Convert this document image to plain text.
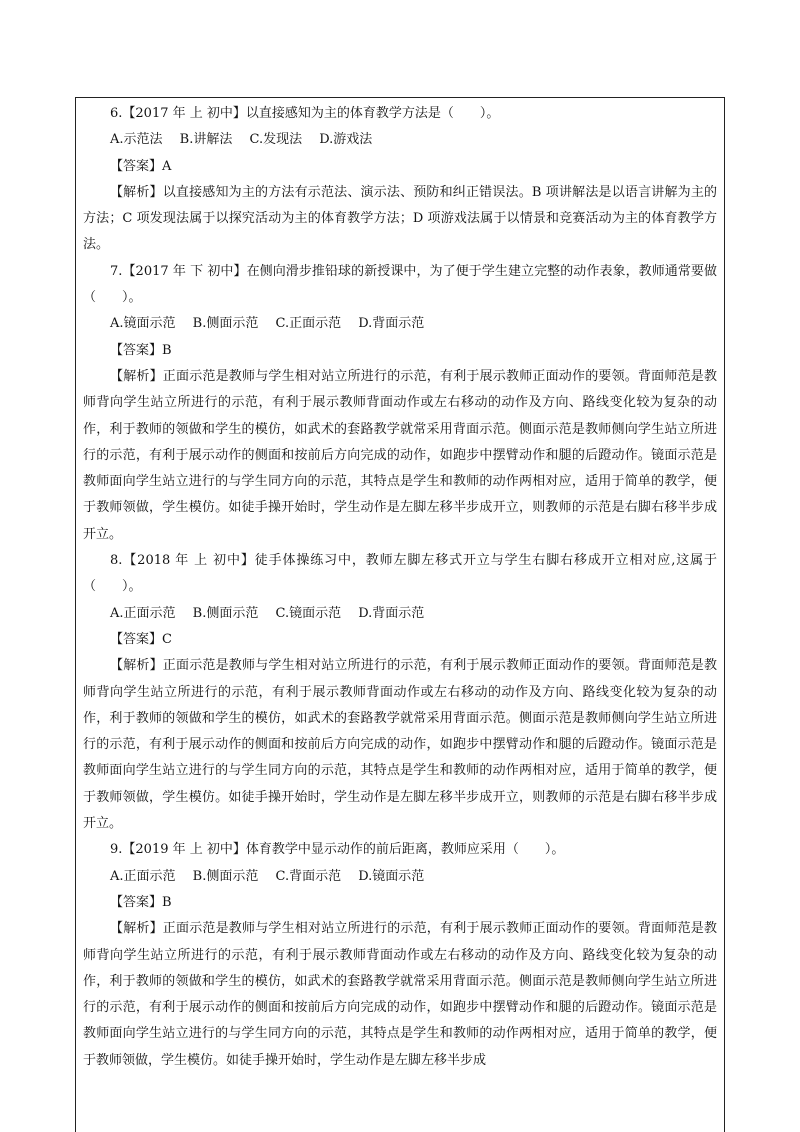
6.【2017 年 上 初中】以直接感知为主的体育教学方法是（　　）。

A.示范法　 B.讲解法　 C.发现法　 D.游戏法

【答案】A

【解析】以直接感知为主的方法有示范法、演示法、预防和纠正错误法。B 项讲解法是以语言讲解为主的方法；C 项发现法属于以探究活动为主的体育教学方法；D 项游戏法属于以情景和竞赛活动为主的体育教学方法。

7.【2017 年 下 初中】在侧向滑步推铅球的新授课中，为了便于学生建立完整的动作表象，教师通常要做（　　）。

A.镜面示范　 B.侧面示范　 C.正面示范　 D.背面示范

【答案】B

【解析】正面示范是教师与学生相对站立所进行的示范，有利于展示教师正面动作的要领。背面师范是教师背向学生站立所进行的示范，有利于展示教师背面动作或左右移动的动作及方向、路线变化较为复杂的动作，利于教师的领做和学生的模仿，如武术的套路教学就常采用背面示范。侧面示范是教师侧向学生站立所进行的示范，有利于展示动作的侧面和按前后方向完成的动作，如跑步中摆臂动作和腿的后蹬动作。镜面示范是教师面向学生站立进行的与学生同方向的示范，其特点是学生和教师的动作两相对应，适用于简单的教学，便于教师领做，学生模仿。如徒手操开始时，学生动作是左脚左移半步成开立，则教师的示范是右脚右移半步成开立。

8.【2018 年 上 初中】徒手体操练习中，教师左脚左移式开立与学生右脚右移成开立相对应,这属于（　　）。

A.正面示范　 B.侧面示范　 C.镜面示范　 D.背面示范

【答案】C

【解析】正面示范是教师与学生相对站立所进行的示范，有利于展示教师正面动作的要领。背面师范是教师背向学生站立所进行的示范，有利于展示教师背面动作或左右移动的动作及方向、路线变化较为复杂的动作，利于教师的领做和学生的模仿，如武术的套路教学就常采用背面示范。侧面示范是教师侧向学生站立所进行的示范，有利于展示动作的侧面和按前后方向完成的动作，如跑步中摆臂动作和腿的后蹬动作。镜面示范是教师面向学生站立进行的与学生同方向的示范，其特点是学生和教师的动作两相对应，适用于简单的教学，便于教师领做，学生模仿。如徒手操开始时，学生动作是左脚左移半步成开立，则教师的示范是右脚右移半步成开立。

9.【2019 年 上 初中】体育教学中显示动作的前后距离，教师应采用（　　）。

A.正面示范　 B.侧面示范　 C.背面示范　 D.镜面示范

【答案】B

【解析】正面示范是教师与学生相对站立所进行的示范，有利于展示教师正面动作的要领。背面师范是教师背向学生站立所进行的示范，有利于展示教师背面动作或左右移动的动作及方向、路线变化较为复杂的动作，利于教师的领做和学生的模仿，如武术的套路教学就常采用背面示范。侧面示范是教师侧向学生站立所进行的示范，有利于展示动作的侧面和按前后方向完成的动作，如跑步中摆臂动作和腿的后蹬动作。镜面示范是教师面向学生站立进行的与学生同方向的示范，其特点是学生和教师的动作两相对应，适用于简单的教学，便于教师领做，学生模仿。如徒手操开始时，学生动作是左脚左移半步成
